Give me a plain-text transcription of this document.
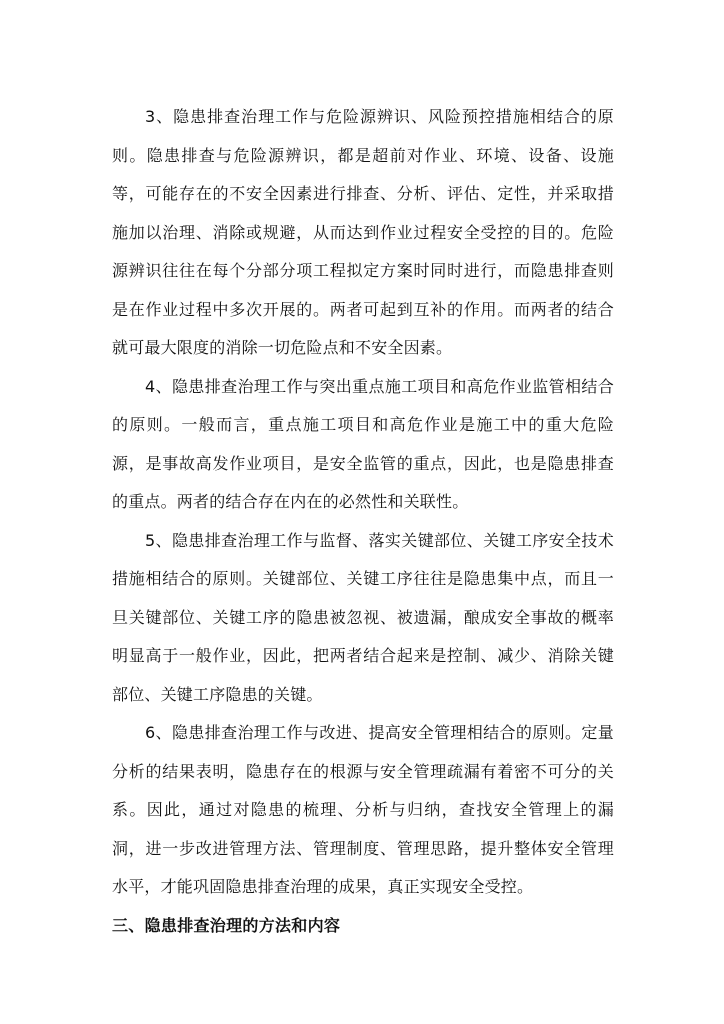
3、隐患排查治理工作与危险源辨识、风险预控措施相结合的原则。隐患排查与危险源辨识，都是超前对作业、环境、设备、设施等，可能存在的不安全因素进行排查、分析、评估、定性，并采取措施加以治理、消除或规避，从而达到作业过程安全受控的目的。危险源辨识往往在每个分部分项工程拟定方案时同时进行，而隐患排查则是在作业过程中多次开展的。两者可起到互补的作用。而两者的结合就可最大限度的消除一切危险点和不安全因素。

4、隐患排查治理工作与突出重点施工项目和高危作业监管相结合的原则。一般而言，重点施工项目和高危作业是施工中的重大危险源，是事故高发作业项目，是安全监管的重点，因此，也是隐患排查的重点。两者的结合存在内在的必然性和关联性。

5、隐患排查治理工作与监督、落实关键部位、关键工序安全技术措施相结合的原则。关键部位、关键工序往往是隐患集中点，而且一旦关键部位、关键工序的隐患被忽视、被遗漏，酿成安全事故的概率明显高于一般作业，因此，把两者结合起来是控制、减少、消除关键部位、关键工序隐患的关键。

6、隐患排查治理工作与改进、提高安全管理相结合的原则。定量分析的结果表明，隐患存在的根源与安全管理疏漏有着密不可分的关系。因此，通过对隐患的梳理、分析与归纳，查找安全管理上的漏洞，进一步改进管理方法、管理制度、管理思路，提升整体安全管理水平，才能巩固隐患排查治理的成果，真正实现安全受控。

三、隐患排查治理的方法和内容
